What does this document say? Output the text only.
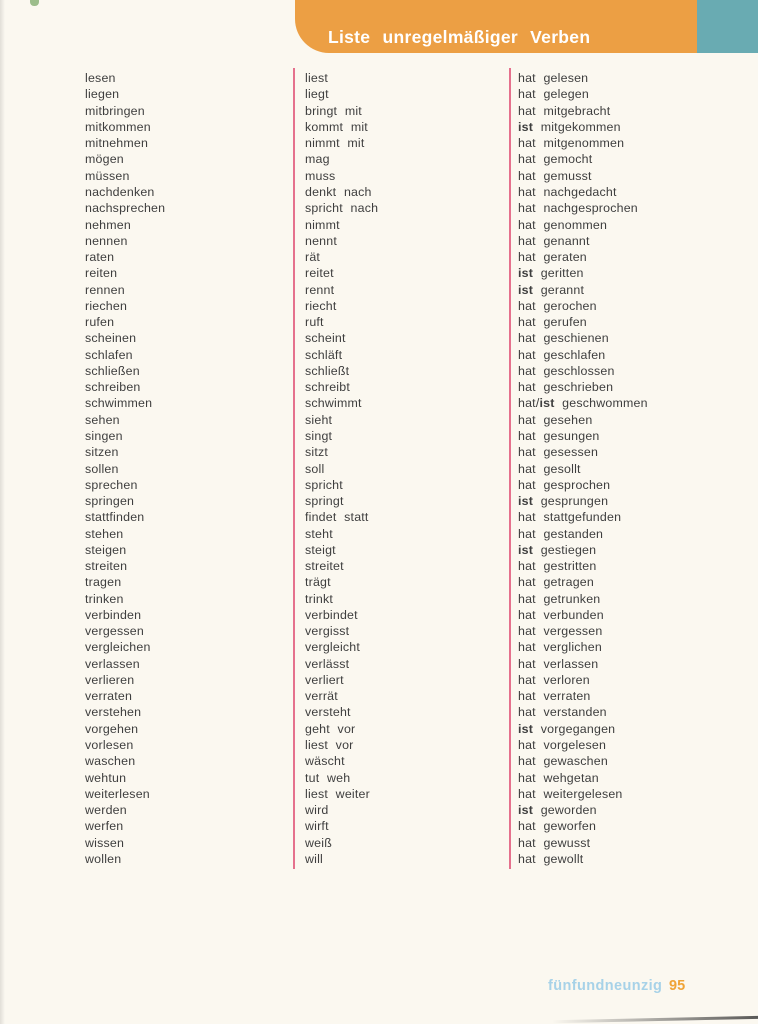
Liste unregelmäßiger Verben
lesen	liest	hat gelesen
liegen	liegt	hat gelegen
mitbringen	bringt mit	hat mitgebracht
mitkommen	kommt mit	ist mitgekommen
mitnehmen	nimmt mit	hat mitgenommen
mögen	mag	hat gemocht
müssen	muss	hat gemusst
nachdenken	denkt nach	hat nachgedacht
nachsprechen	spricht nach	hat nachgesprochen
nehmen	nimmt	hat genommen
nennen	nennt	hat genannt
raten	rät	hat geraten
reiten	reitet	ist geritten
rennen	rennt	ist gerannt
riechen	riecht	hat gerochen
rufen	ruft	hat gerufen
scheinen	scheint	hat geschienen
schlafen	schläft	hat geschlafen
schließen	schließt	hat geschlossen
schreiben	schreibt	hat geschrieben
schwimmen	schwimmt	hat/ist geschwommen
sehen	sieht	hat gesehen
singen	singt	hat gesungen
sitzen	sitzt	hat gesessen
sollen	soll	hat gesollt
sprechen	spricht	hat gesprochen
springen	springt	ist gesprungen
stattfinden	findet statt	hat stattgefunden
stehen	steht	hat gestanden
steigen	steigt	ist gestiegen
streiten	streitet	hat gestritten
tragen	trägt	hat getragen
trinken	trinkt	hat getrunken
verbinden	verbindet	hat verbunden
vergessen	vergisst	hat vergessen
vergleichen	vergleicht	hat verglichen
verlassen	verlässt	hat verlassen
verlieren	verliert	hat verloren
verraten	verrät	hat verraten
verstehen	versteht	hat verstanden
vorgehen	geht vor	ist vorgegangen
vorlesen	liest vor	hat vorgelesen
waschen	wäscht	hat gewaschen
wehtun	tut weh	hat wehgetan
weiterlesen	liest weiter	hat weitergelesen
werden	wird	ist geworden
werfen	wirft	hat geworfen
wissen	weiß	hat gewusst
wollen	will	hat gewollt
fünfundneunzig 95
